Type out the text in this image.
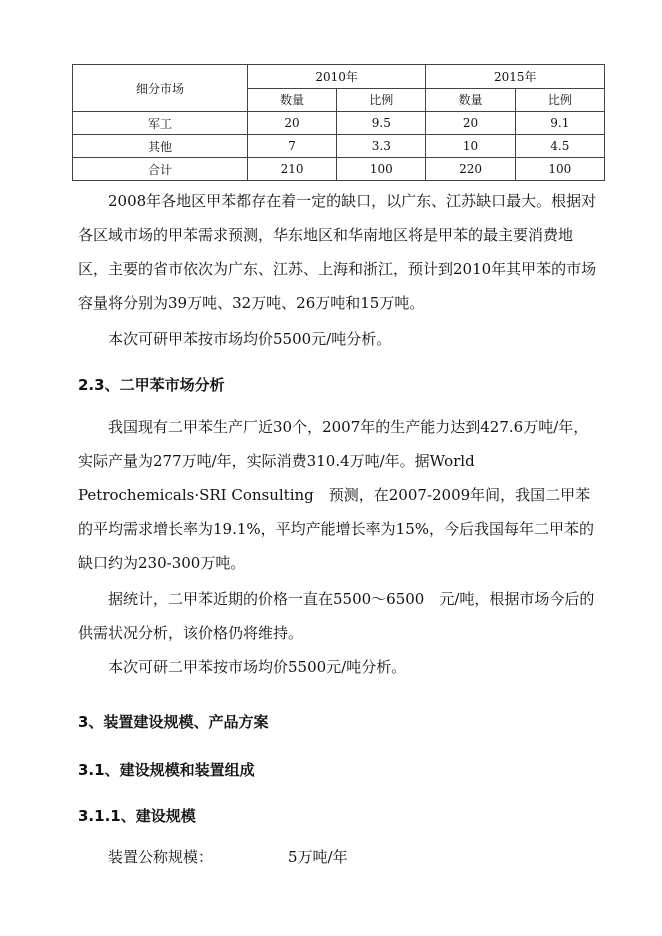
细分市场	2010年		2015年	
	数量	比例	数量	比例
军工	20	9.5	20	9.1
其他	7	3.3	10	4.5
合计	210	100	220	100

2008年各地区甲苯都存在着一定的缺口，以广东、江苏缺口最大。根据对各区域市场的甲苯需求预测，华东地区和华南地区将是甲苯的最主要消费地区，主要的省市依次为广东、江苏、上海和浙江，预计到2010年其甲苯的市场容量将分别为39万吨、32万吨、26万吨和15万吨。

本次可研甲苯按市场均价5500元/吨分析。

2.3、二甲苯市场分析

我国现有二甲苯生产厂近30个，2007年的生产能力达到427.6万吨/年，实际产量为277万吨/年，实际消费310.4万吨/年。据World Petrochemicals·SRI Consulting　预测，在2007-2009年间，我国二甲苯的平均需求增长率为19.1%，平均产能增长率为15%，今后我国每年二甲苯的缺口约为230-300万吨。

据统计，二甲苯近期的价格一直在5500～6500　元/吨，根据市场今后的供需状况分析，该价格仍将维持。

本次可研二甲苯按市场均价5500元/吨分析。

3、装置建设规模、产品方案

3.1、建设规模和装置组成

3.1.1、建设规模

装置公称规模：	5万吨/年
